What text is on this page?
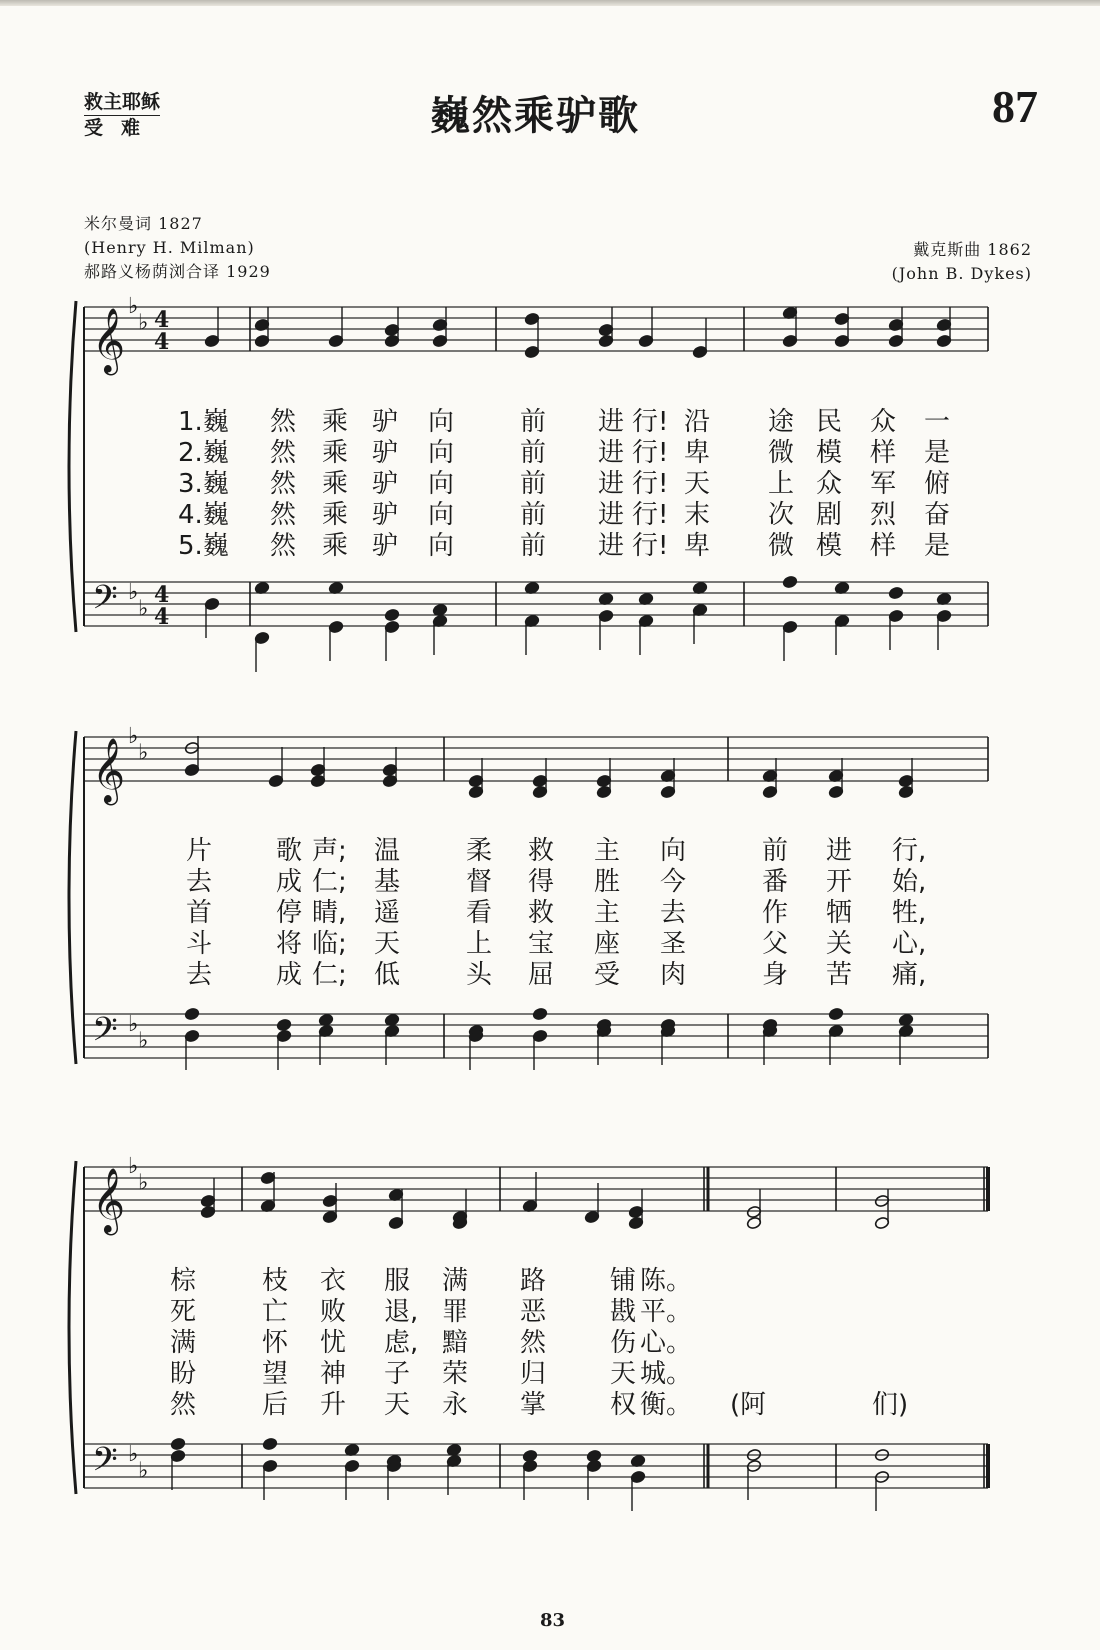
救主耶稣
受难	巍然乘驴歌	87
米尔曼词 1827
(Henry H. Milman)
郝路义杨荫浏合译 1929
戴克斯曲 1862
(John B. Dykes)
𝄞
𝄢
♭
♭
♭
♭
4
4
4
4
𝄞
𝄢
♭
♭
♭
♭
𝄞
𝄢
♭
♭
♭
♭
83
1.巍 然 乘 驴 向	前 进 行! 沿 途 民 众 一
2.巍 然 乘 驴 向	前 进 行! 卑 微 模 样 是
3.巍 然 乘 驴 向	前 进 行! 天 上 众 军 俯
4.巍 然 乘 驴 向	前 进 行! 末 次 剧 烈 奋
5.巍 然 乘 驴 向	前 进 行! 卑 微 模 样 是
片 歌 声; 温	柔 救 主 向	前 进 行,
去 成 仁; 基	督 得 胜 今	番 开 始,
首 停 睛, 遥	看 救 主 去	作 牺 牲,
斗 将 临; 天	上 宝 座 圣	父 关 心,
去 成 仁; 低	头 屈 受 肉	身 苦 痛,
棕	枝 衣 服 满 路 铺 陈。
死	亡 败 退, 罪 恶 戡 平。
满	怀 忧 虑, 黯 然 伤 心。
盼	望 神 子 荣 归 天 城。
然	后 升 天 永 掌 权 衡。 (阿	们)
